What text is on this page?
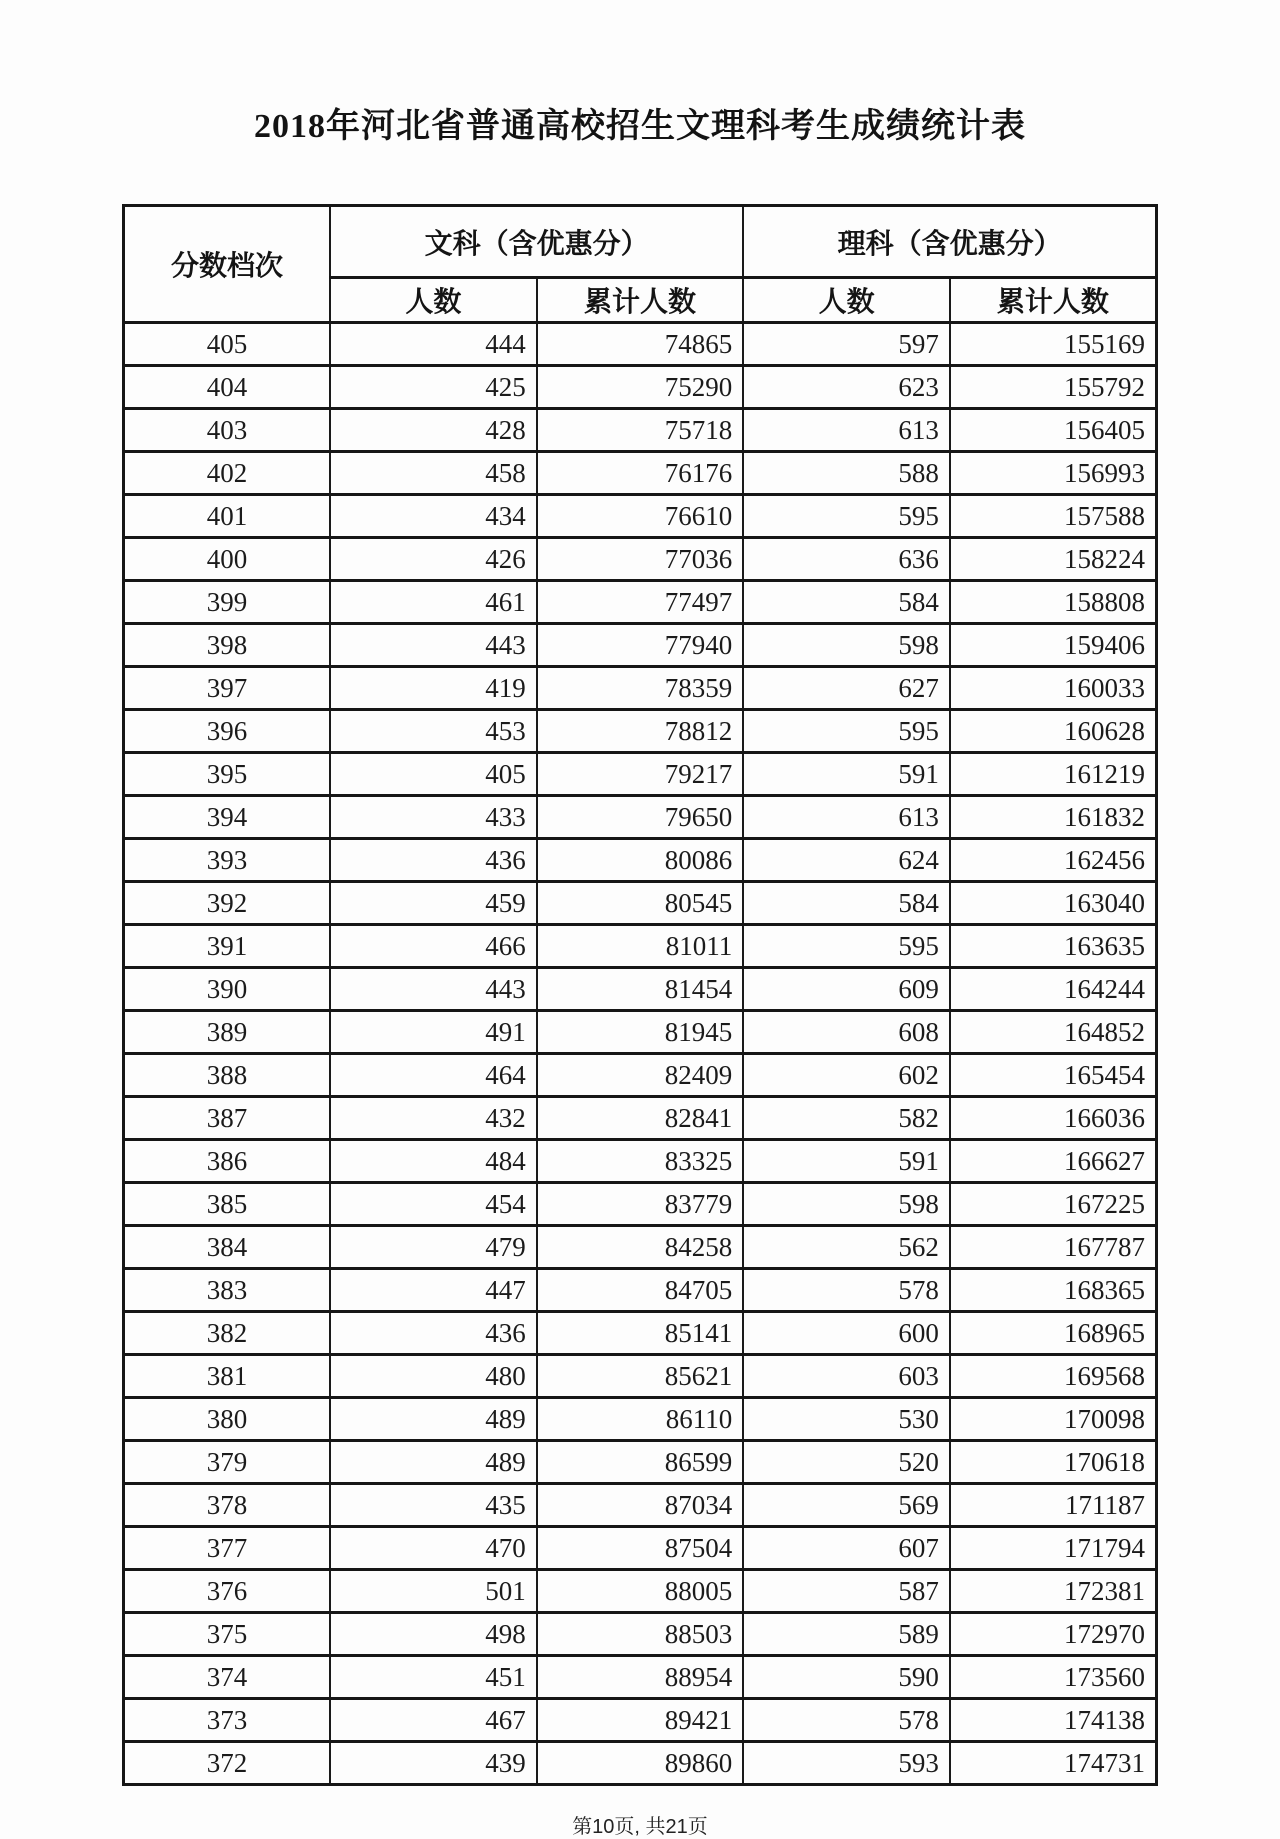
2018年河北省普通高校招生文理科考生成绩统计表
分数档次	文科（含优惠分）		理科（含优惠分）	
	人数	累计人数	人数	累计人数
405	444	74865	597	155169
404	425	75290	623	155792
403	428	75718	613	156405
402	458	76176	588	156993
401	434	76610	595	157588
400	426	77036	636	158224
399	461	77497	584	158808
398	443	77940	598	159406
397	419	78359	627	160033
396	453	78812	595	160628
395	405	79217	591	161219
394	433	79650	613	161832
393	436	80086	624	162456
392	459	80545	584	163040
391	466	81011	595	163635
390	443	81454	609	164244
389	491	81945	608	164852
388	464	82409	602	165454
387	432	82841	582	166036
386	484	83325	591	166627
385	454	83779	598	167225
384	479	84258	562	167787
383	447	84705	578	168365
382	436	85141	600	168965
381	480	85621	603	169568
380	489	86110	530	170098
379	489	86599	520	170618
378	435	87034	569	171187
377	470	87504	607	171794
376	501	88005	587	172381
375	498	88503	589	172970
374	451	88954	590	173560
373	467	89421	578	174138
372	439	89860	593	174731
第10页, 共21页
